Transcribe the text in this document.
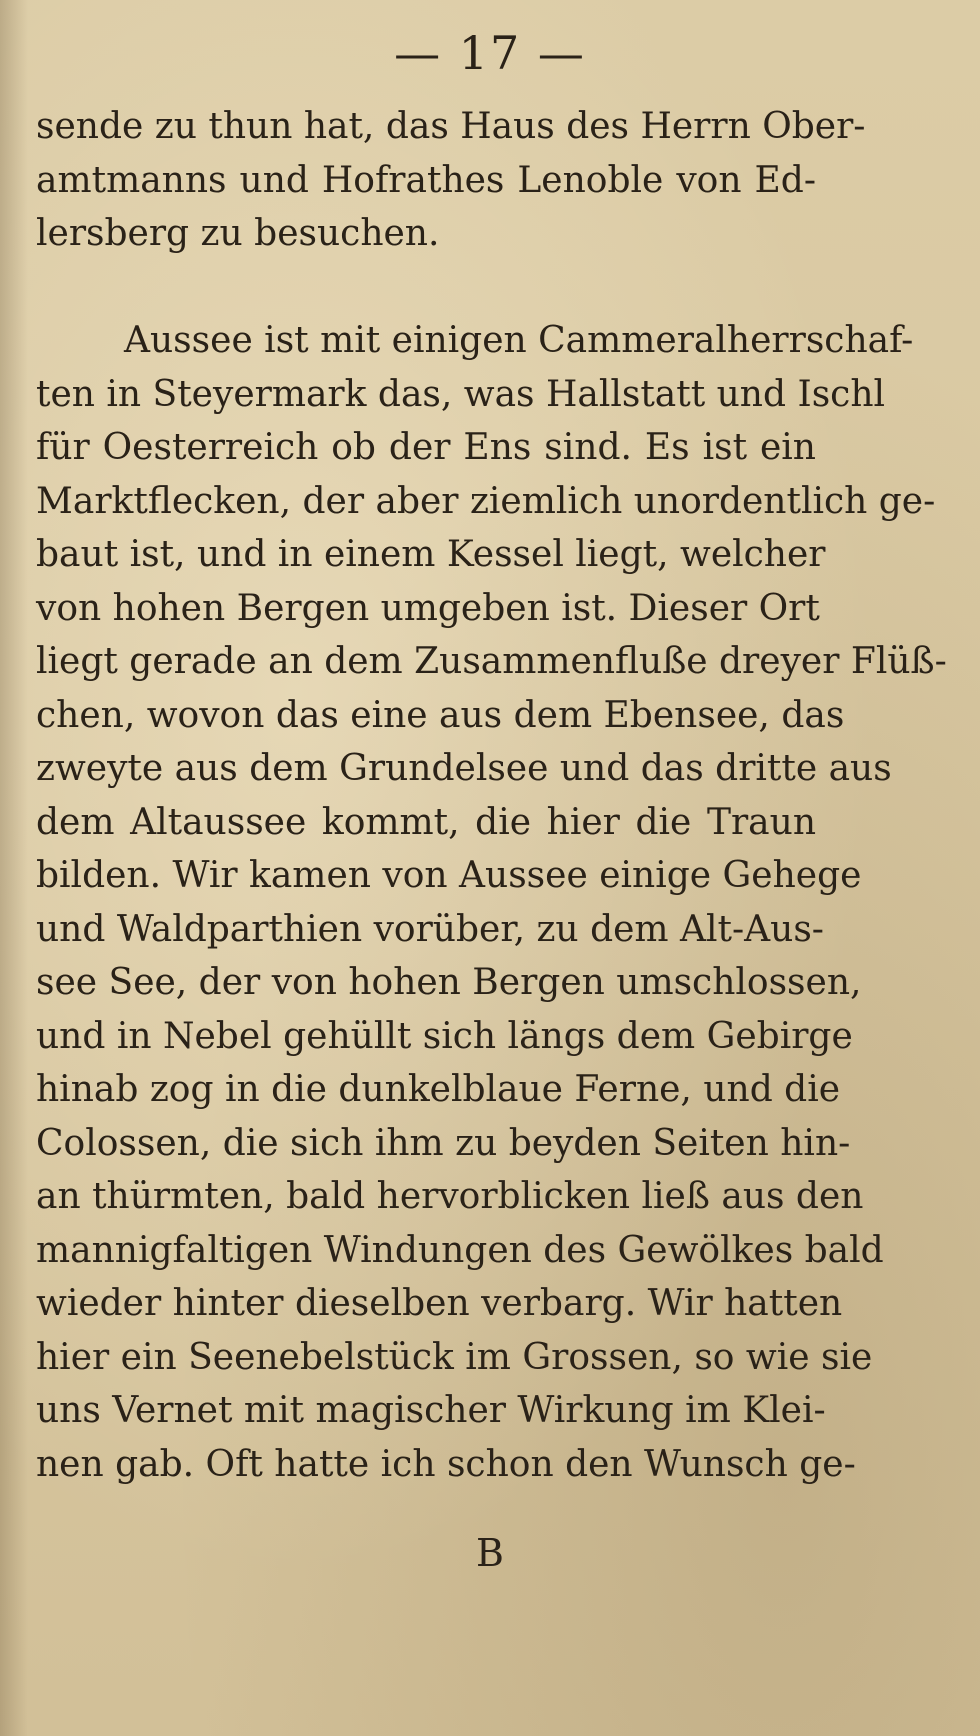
— 17 —
sende zu thun hat, das Haus des Herrn Ober-
amtmanns und Hofrathes Lenoble von Ed-
lersberg zu besuchen.
Aussee ist mit einigen Cammeralherrschaf-
ten in Steyermark das, was Hallstatt und Ischl
für Oesterreich ob der Ens sind. Es ist ein
Marktflecken, der aber ziemlich unordentlich ge-
baut ist, und in einem Kessel liegt, welcher
von hohen Bergen umgeben ist. Dieser Ort
liegt gerade an dem Zusammenfluße dreyer Flüß-
chen, wovon das eine aus dem Ebensee, das
zweyte aus dem Grundelsee und das dritte aus
dem Altaussee kommt, die hier die Traun
bilden. Wir kamen von Aussee einige Gehege
und Waldparthien vorüber, zu dem Alt-Aus-
see See, der von hohen Bergen umschlossen,
und in Nebel gehüllt sich längs dem Gebirge
hinab zog in die dunkelblaue Ferne, und die
Colossen, die sich ihm zu beyden Seiten hin-
an thürmten, bald hervorblicken ließ aus den
mannigfaltigen Windungen des Gewölkes bald
wieder hinter dieselben verbarg. Wir hatten
hier ein Seenebelstück im Grossen, so wie sie
uns Vernet mit magischer Wirkung im Klei-
nen gab. Oft hatte ich schon den Wunsch ge-
B
